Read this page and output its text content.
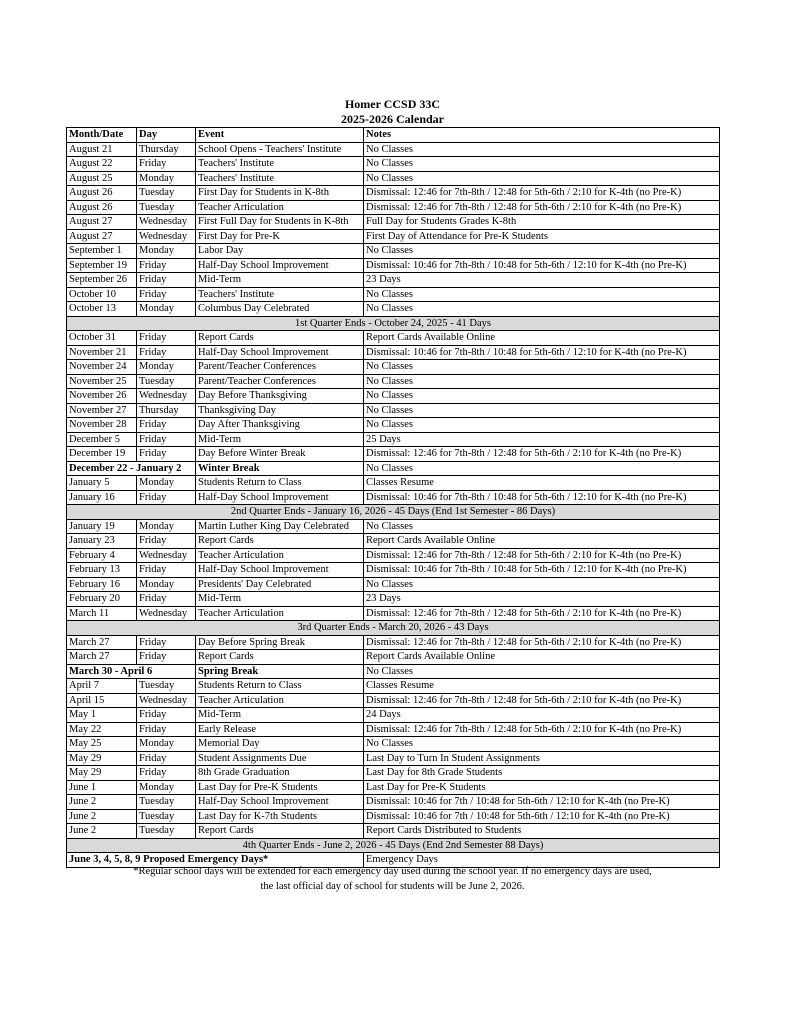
Homer CCSD 33C
2025-2026 Calendar
Month/Date	Day	Event	Notes
August 21	Thursday	School Opens - Teachers' Institute	No Classes
August 22	Friday	Teachers' Institute	No Classes
August 25	Monday	Teachers' Institute	No Classes
August 26	Tuesday	First Day for Students in K-8th	Dismissal: 12:46 for 7th-8th / 12:48 for 5th-6th / 2:10 for K-4th (no Pre-K)
August 26	Tuesday	Teacher Articulation	Dismissal: 12:46 for 7th-8th / 12:48 for 5th-6th / 2:10 for K-4th (no Pre-K)
August 27	Wednesday	First Full Day for Students in K-8th	Full Day for Students Grades K-8th
August 27	Wednesday	First Day for Pre-K	First Day of Attendance for Pre-K Students
September 1	Monday	Labor Day	No Classes
September 19	Friday	Half-Day School Improvement	Dismissal: 10:46 for 7th-8th / 10:48 for 5th-6th / 12:10 for K-4th (no Pre-K)
September 26	Friday	Mid-Term	23 Days
October 10	Friday	Teachers' Institute	No Classes
October 13	Monday	Columbus Day Celebrated	No Classes
1st Quarter Ends - October 24, 2025 - 41 Days			
October 31	Friday	Report Cards	Report Cards Available Online
November 21	Friday	Half-Day School Improvement	Dismissal: 10:46 for 7th-8th / 10:48 for 5th-6th / 12:10 for K-4th (no Pre-K)
November 24	Monday	Parent/Teacher Conferences	No Classes
November 25	Tuesday	Parent/Teacher Conferences	No Classes
November 26	Wednesday	Day Before Thanksgiving	No Classes
November 27	Thursday	Thanksgiving Day	No Classes
November 28	Friday	Day After Thanksgiving	No Classes
December 5	Friday	Mid-Term	25 Days
December 19	Friday	Day Before Winter Break	Dismissal: 12:46 for 7th-8th / 12:48 for 5th-6th / 2:10 for K-4th (no Pre-K)
December 22 - January 2		Winter Break	No Classes
January 5	Monday	Students Return to Class	Classes Resume
January 16	Friday	Half-Day School Improvement	Dismissal: 10:46 for 7th-8th / 10:48 for 5th-6th / 12:10 for K-4th (no Pre-K)
2nd Quarter Ends - January 16, 2026 - 45 Days (End 1st Semester - 86 Days)			
January 19	Monday	Martin Luther King Day Celebrated	No Classes
January 23	Friday	Report Cards	Report Cards Available Online
February 4	Wednesday	Teacher Articulation	Dismissal: 12:46 for 7th-8th / 12:48 for 5th-6th / 2:10 for K-4th (no Pre-K)
February 13	Friday	Half-Day School Improvement	Dismissal: 10:46 for 7th-8th / 10:48 for 5th-6th / 12:10 for K-4th (no Pre-K)
February 16	Monday	Presidents' Day Celebrated	No Classes
February 20	Friday	Mid-Term	23 Days
March 11	Wednesday	Teacher Articulation	Dismissal: 12:46 for 7th-8th / 12:48 for 5th-6th / 2:10 for K-4th (no Pre-K)
3rd Quarter Ends - March 20, 2026 - 43 Days			
March 27	Friday	Day Before Spring Break	Dismissal: 12:46 for 7th-8th / 12:48 for 5th-6th / 2:10 for K-4th (no Pre-K)
March 27	Friday	Report Cards	Report Cards Available Online
March 30 - April 6		Spring Break	No Classes
April 7	Tuesday	Students Return to Class	Classes Resume
April 15	Wednesday	Teacher Articulation	Dismissal: 12:46 for 7th-8th / 12:48 for 5th-6th / 2:10 for K-4th (no Pre-K)
May 1	Friday	Mid-Term	24 Days
May 22	Friday	Early Release	Dismissal: 12:46 for 7th-8th / 12:48 for 5th-6th / 2:10 for K-4th (no Pre-K)
May 25	Monday	Memorial Day	No Classes
May 29	Friday	Student Assignments Due	Last Day to Turn In Student Assignments
May 29	Friday	8th Grade Graduation	Last Day for 8th Grade Students
June 1	Monday	Last Day for Pre-K Students	Last Day for Pre-K Students
June 2	Tuesday	Half-Day School Improvement	Dismissal: 10:46 for 7th / 10:48 for 5th-6th / 12:10 for K-4th (no Pre-K)
June 2	Tuesday	Last Day for K-7th Students	Dismissal: 10:46 for 7th / 10:48 for 5th-6th / 12:10 for K-4th (no Pre-K)
June 2	Tuesday	Report Cards	Report Cards Distributed to Students
4th Quarter Ends - June 2, 2026 - 45 Days (End 2nd Semester 88 Days)			
June 3, 4, 5, 8, 9 Proposed Emergency Days*			Emergency Days
*Regular school days will be extended for each emergency day used during the school year. If no emergency days are used,
the last official day of school for students will be June 2, 2026.
